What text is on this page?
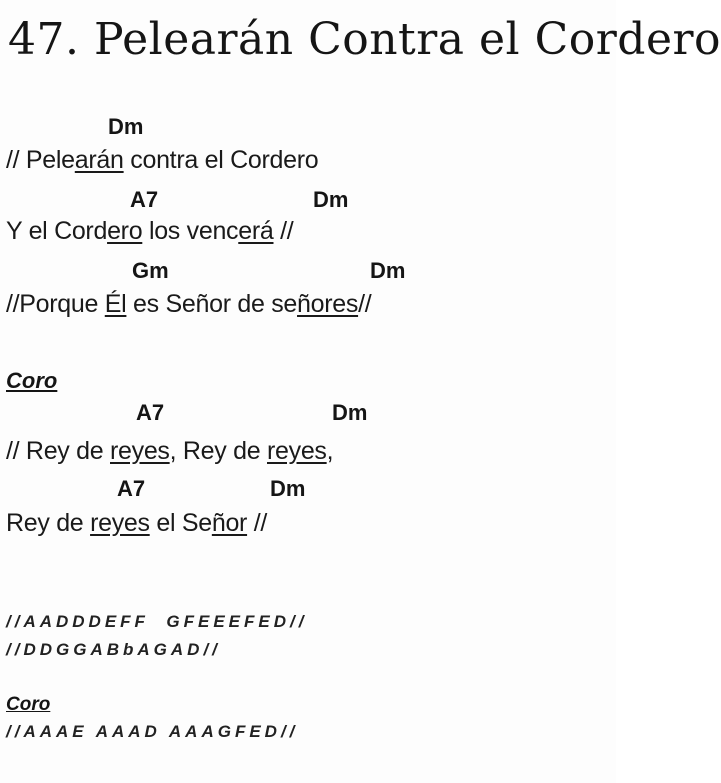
47. Pelearán Contra el Cordero
Dm
// Pelearán contra el Cordero
A7	Dm
Y el Cordero los vencerá //
Gm	Dm
//Porque Él es Señor de señores//
Coro
A7	Dm
// Rey de reyes, Rey de reyes,
A7	Dm
Rey de reyes el Señor //
//AADDDEFF  GFEEEFED//
//DDGGABbAGAD//
Coro
//AAAE AAAD AAAGFED//
